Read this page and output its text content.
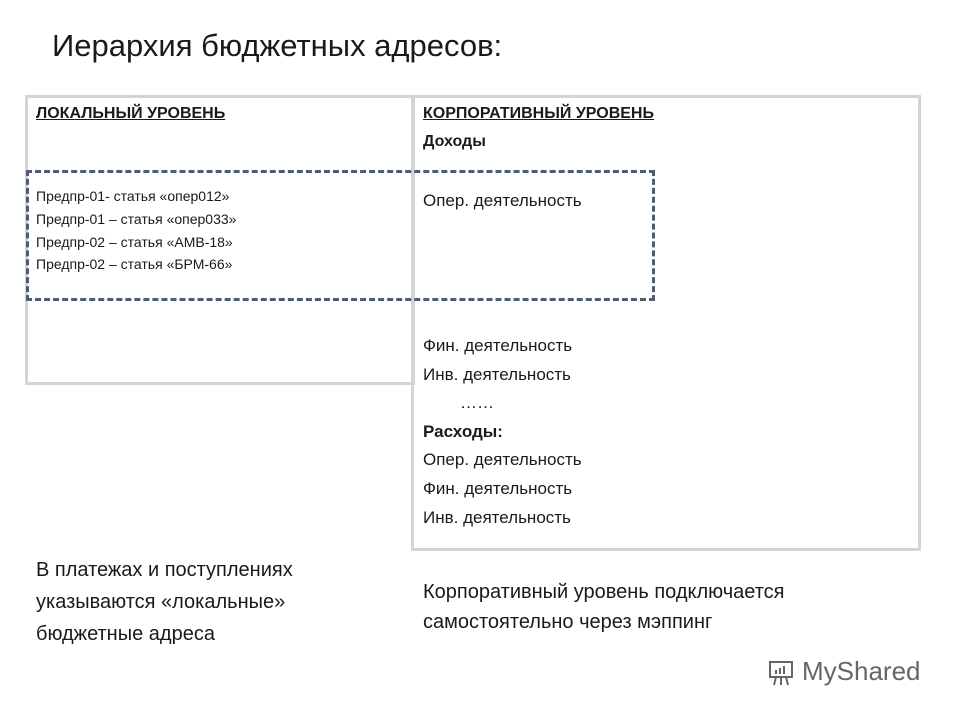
Иерархия бюджетных адресов:
ЛОКАЛЬНЫЙ УРОВЕНЬ
Предпр-01- статья «опер012»
Предпр-01 – статья «опер033»
Предпр-02 – статья «АМВ-18»
Предпр-02 – статья «БРМ-66»
КОРПОРАТИВНЫЙ УРОВЕНЬ
Доходы
Опер. деятельность
Фин. деятельность
Инв. деятельность
……
Расходы:
Опер. деятельность
Фин. деятельность
Инв. деятельность
В платежах и поступлениях указываются «локальные» бюджетные адреса
Корпоративный уровень подключается самостоятельно через мэппинг
MyShared
